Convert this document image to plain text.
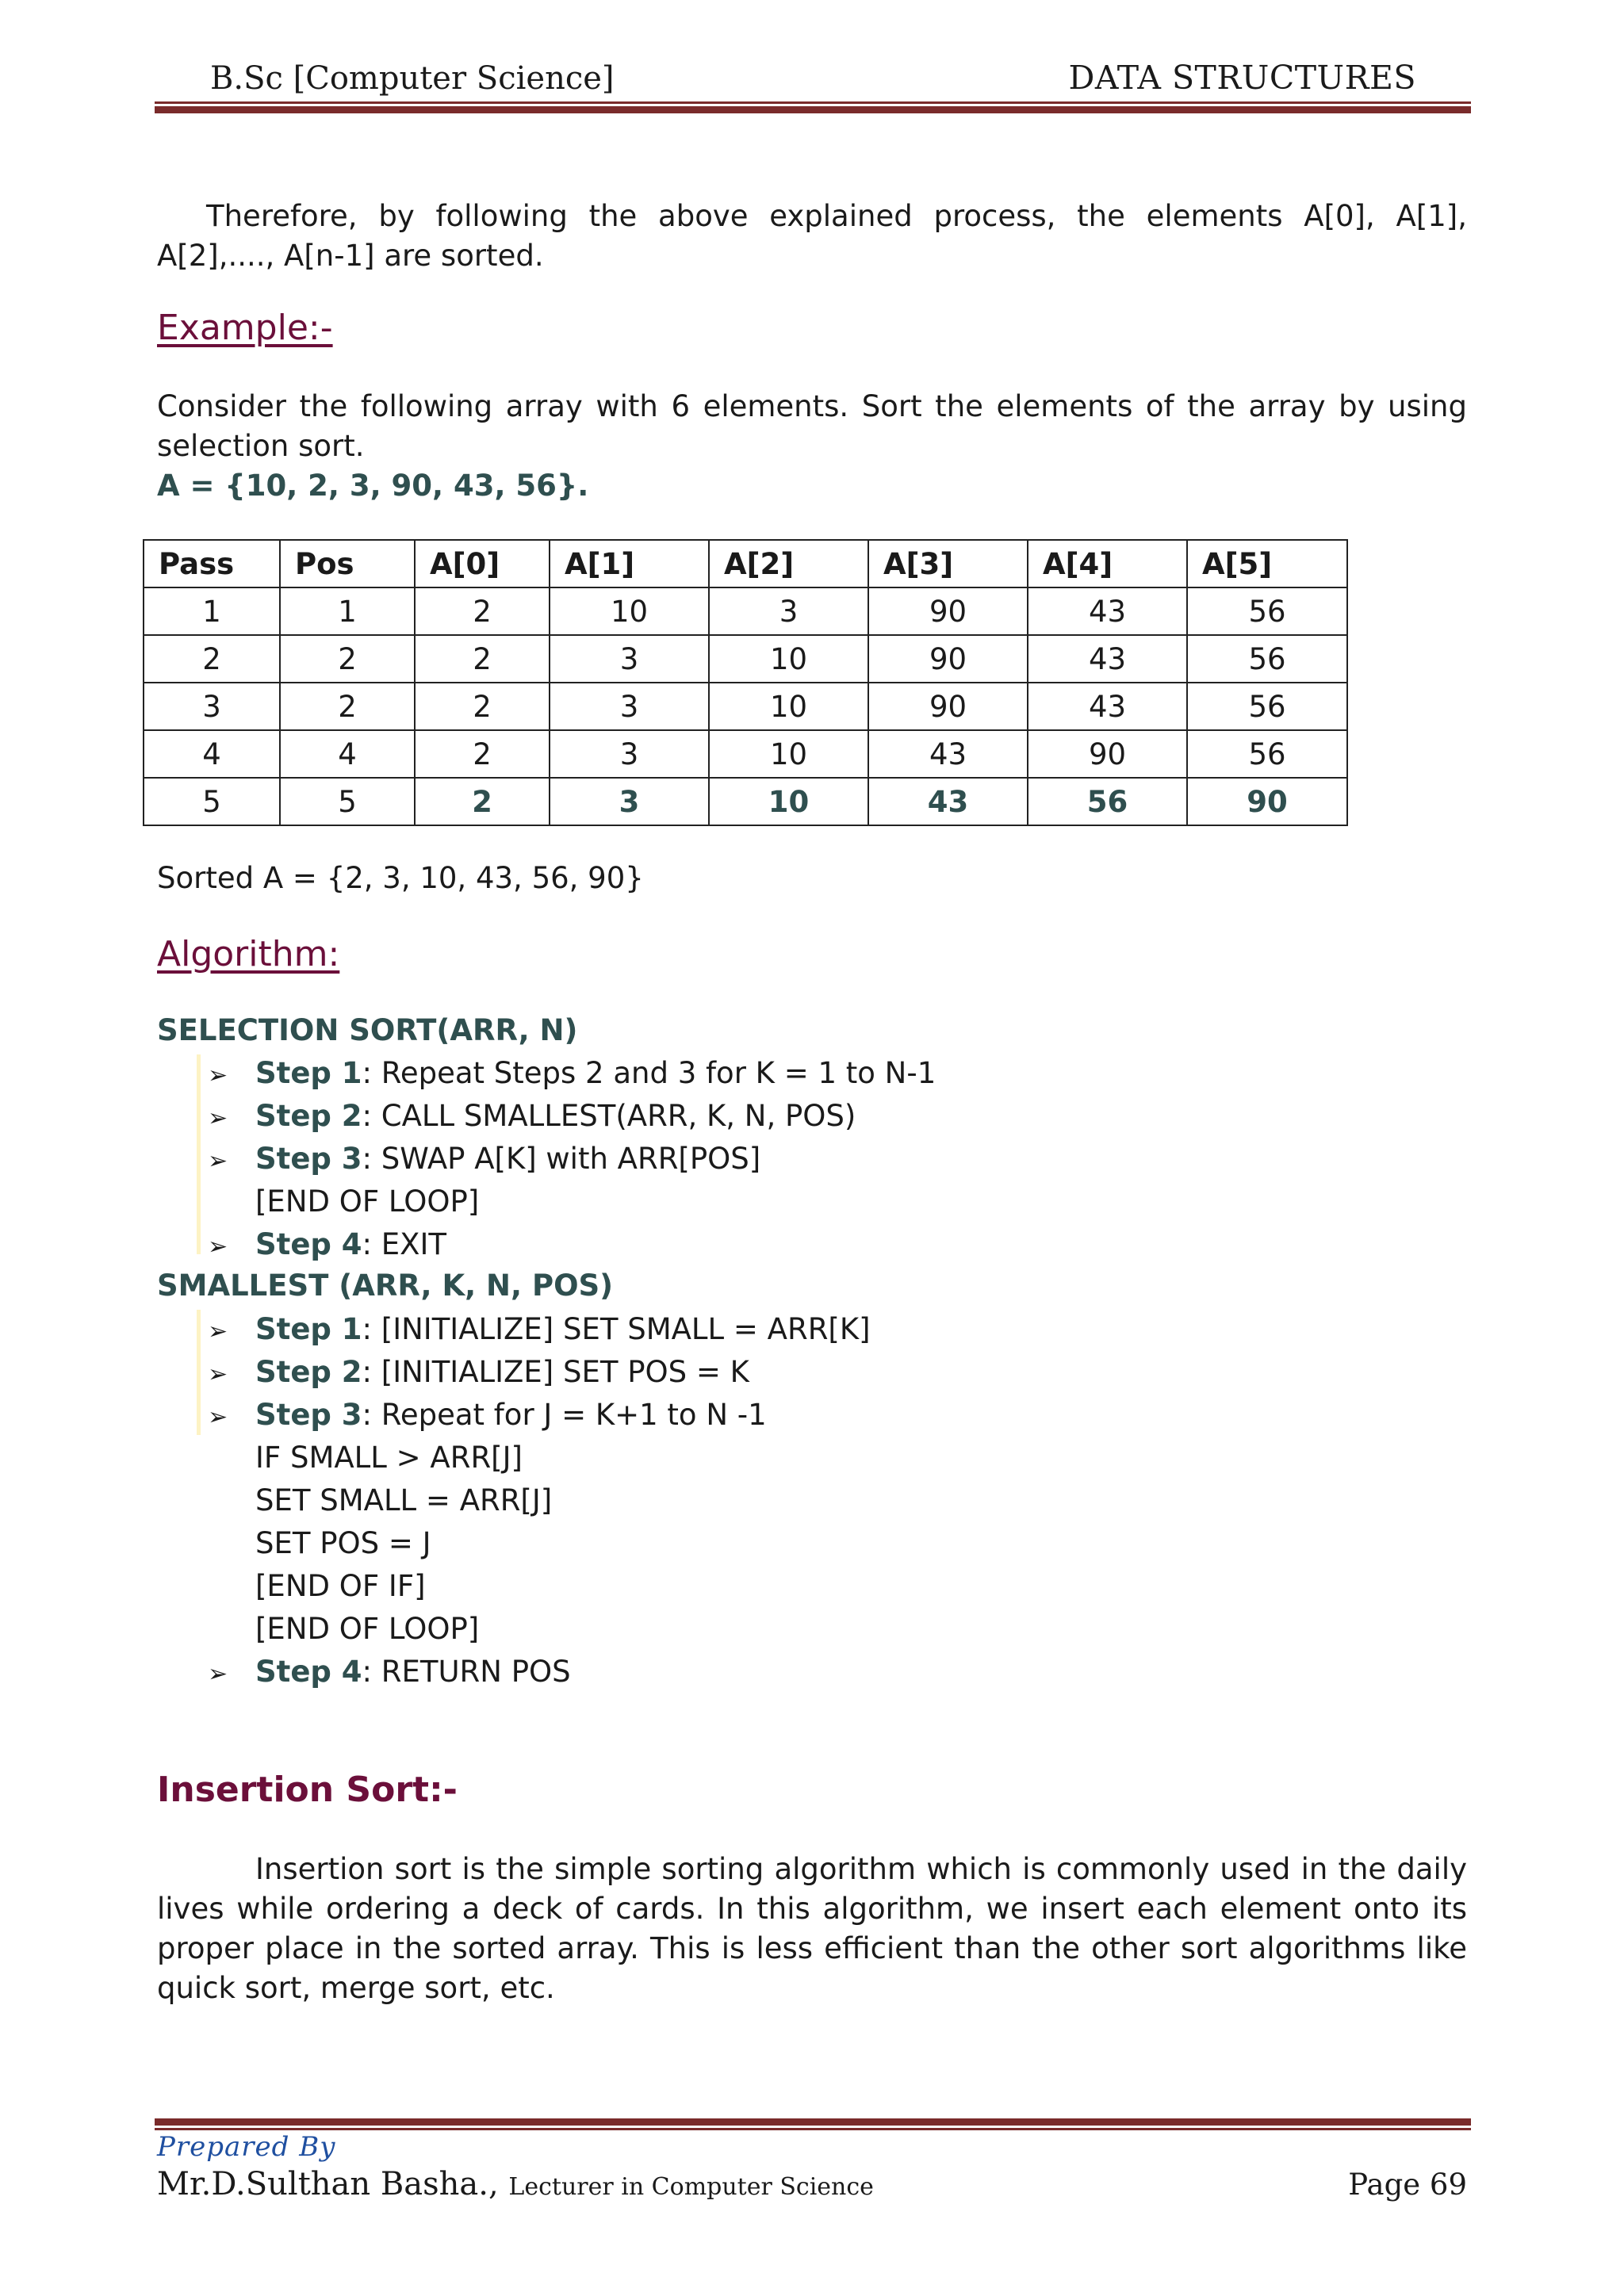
B.Sc [Computer Science]	DATA STRUCTURES
Therefore, by following the above explained process, the elements A[0], A[1], A[2],...., A[n-1] are sorted.
Example:-
Consider the following array with 6 elements. Sort the elements of the array by using selection sort.
A = {10, 2, 3, 90, 43, 56}.
Pass	Pos	A[0]	A[1]	A[2]	A[3]	A[4]	A[5]
1	1	2	10	3	90	43	56
2	2	2	3	10	90	43	56
3	2	2	3	10	90	43	56
4	4	2	3	10	43	90	56
5	5	2	3	10	43	56	90
Sorted A = {2, 3, 10, 43, 56, 90}
Algorithm:
SELECTION SORT(ARR, N)
➢ Step 1: Repeat Steps 2 and 3 for K = 1 to N-1
➢ Step 2: CALL SMALLEST(ARR, K, N, POS)
➢ Step 3: SWAP A[K] with ARR[POS]
[END OF LOOP]
➢ Step 4: EXIT
SMALLEST (ARR, K, N, POS)
➢ Step 1: [INITIALIZE] SET SMALL = ARR[K]
➢ Step 2: [INITIALIZE] SET POS = K
➢ Step 3: Repeat for J = K+1 to N -1
IF SMALL > ARR[J]
SET SMALL = ARR[J]
SET POS = J
[END OF IF]
[END OF LOOP]
➢ Step 4: RETURN POS
Insertion Sort:-
Insertion sort is the simple sorting algorithm which is commonly used in the daily lives while ordering a deck of cards. In this algorithm, we insert each element onto its proper place in the sorted array. This is less efficient than the other sort algorithms like quick sort, merge sort, etc.
Prepared By
Mr.D.Sulthan Basha., Lecturer in Computer Science	Page 69
